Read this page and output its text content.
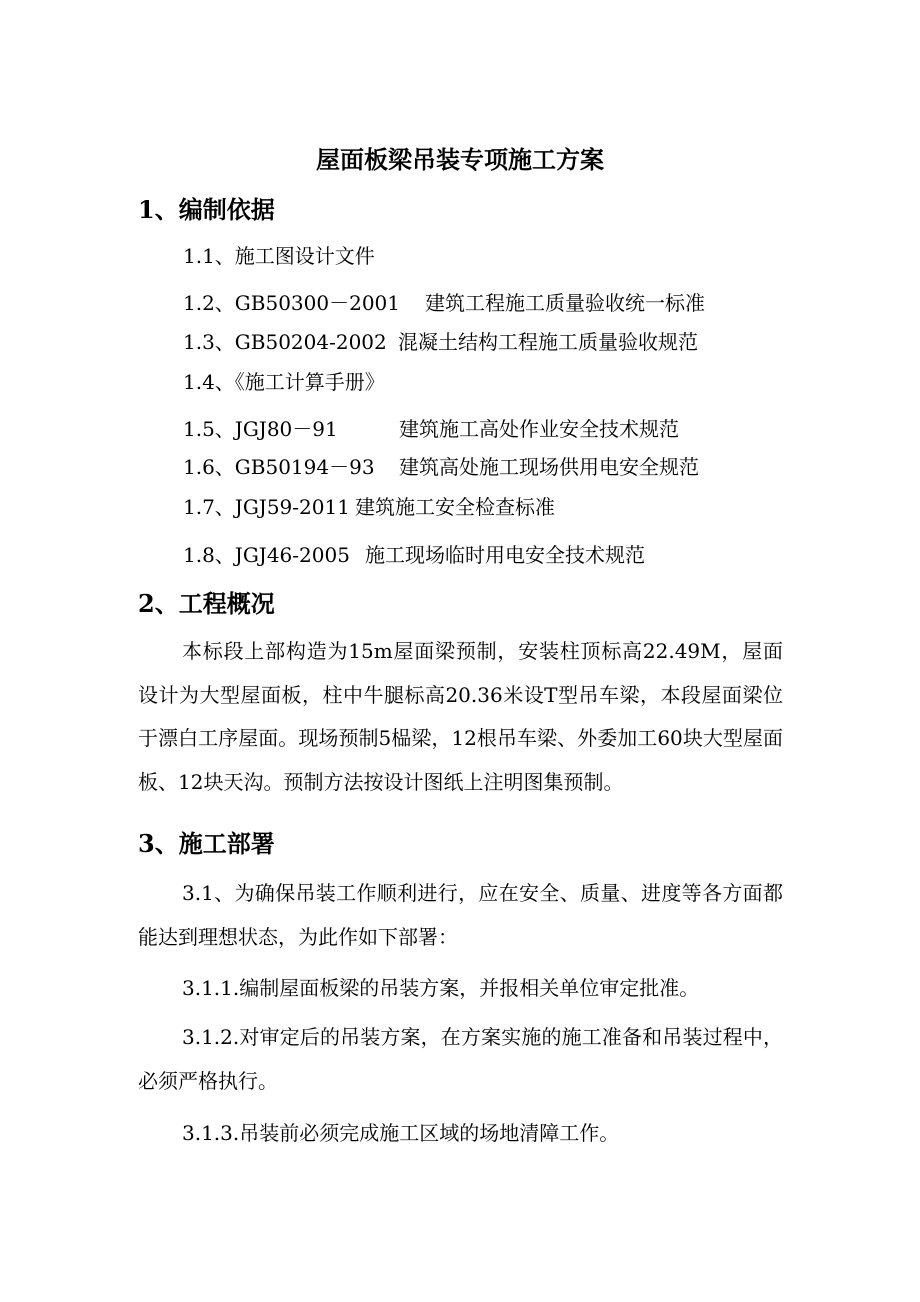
屋面板梁吊装专项施工方案
1、编制依据
1.1、施工图设计文件
1.2、GB50300－2001 建筑工程施工质量验收统一标准
1.3、GB50204-2002 混凝土结构工程施工质量验收规范
1.4、《施工计算手册》
1.5、JGJ80－91	建筑施工高处作业安全技术规范
1.6、GB50194－93 建筑高处施工现场供用电安全规范
1.7、JGJ59-2011 建筑施工安全检查标准
1.8、JGJ46-2005 施工现场临时用电安全技术规范
2、工程概况
本标段上部构造为15m屋面梁预制，安装柱顶标高22.49M，屋面设计为大型屋面板，柱中牛腿标高20.36米设T型吊车梁，本段屋面梁位于漂白工序屋面。现场预制5榀梁，12根吊车梁、外委加工60块大型屋面板、12块天沟。预制方法按设计图纸上注明图集预制。
3、施工部署
3.1、为确保吊装工作顺利进行，应在安全、质量、进度等各方面都能达到理想状态，为此作如下部署：
3.1.1.编制屋面板梁的吊装方案，并报相关单位审定批准。
3.1.2.对审定后的吊装方案，在方案实施的施工准备和吊装过程中，必须严格执行。
3.1.3.吊装前必须完成施工区域的场地清障工作。
